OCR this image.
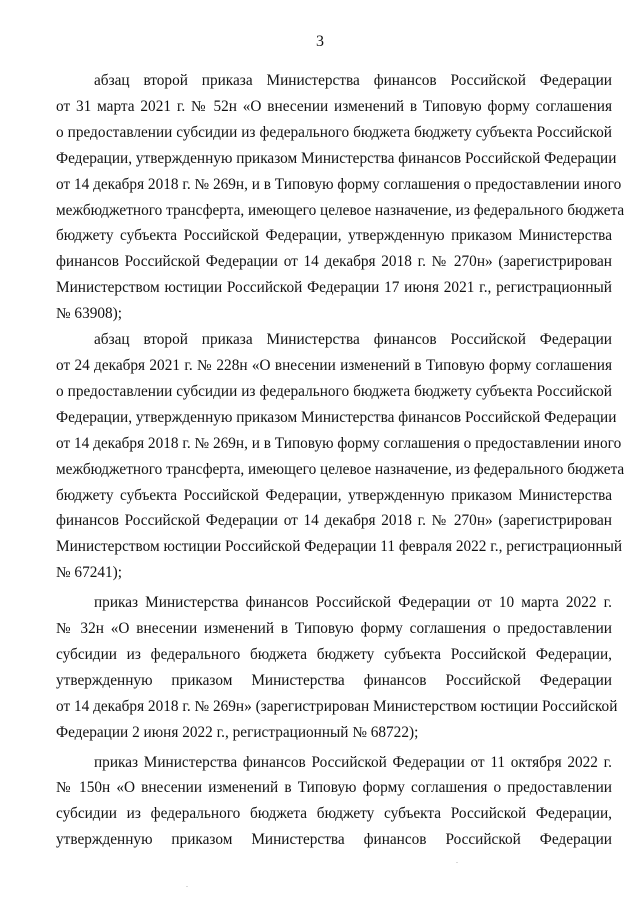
3
абзац второй приказа Министерства финансов Российской Федерации
от 31 марта 2021 г. № 52н «О внесении изменений в Типовую форму соглашения
о предоставлении субсидии из федерального бюджета бюджету субъекта Российской
Федерации, утвержденную приказом Министерства финансов Российской Федерации
от 14 декабря 2018 г. № 269н, и в Типовую форму соглашения о предоставлении иного
межбюджетного трансферта, имеющего целевое назначение, из федерального бюджета
бюджету субъекта Российской Федерации, утвержденную приказом Министерства
финансов Российской Федерации от 14 декабря 2018 г. № 270н» (зарегистрирован
Министерством юстиции Российской Федерации 17 июня 2021 г., регистрационный
№ 63908);
абзац второй приказа Министерства финансов Российской Федерации
от 24 декабря 2021 г. № 228н «О внесении изменений в Типовую форму соглашения
о предоставлении субсидии из федерального бюджета бюджету субъекта Российской
Федерации, утвержденную приказом Министерства финансов Российской Федерации
от 14 декабря 2018 г. № 269н, и в Типовую форму соглашения о предоставлении иного
межбюджетного трансферта, имеющего целевое назначение, из федерального бюджета
бюджету субъекта Российской Федерации, утвержденную приказом Министерства
финансов Российской Федерации от 14 декабря 2018 г. № 270н» (зарегистрирован
Министерством юстиции Российской Федерации 11 февраля 2022 г., регистрационный
№ 67241);
приказ Министерства финансов Российской Федерации от 10 марта 2022 г.
№ 32н «О внесении изменений в Типовую форму соглашения о предоставлении
субсидии из федерального бюджета бюджету субъекта Российской Федерации,
утвержденную приказом Министерства финансов Российской Федерации
от 14 декабря 2018 г. № 269н» (зарегистрирован Министерством юстиции Российской
Федерации 2 июня 2022 г., регистрационный № 68722);
приказ Министерства финансов Российской Федерации от 11 октября 2022 г.
№ 150н «О внесении изменений в Типовую форму соглашения о предоставлении
субсидии из федерального бюджета бюджету субъекта Российской Федерации,
утвержденную приказом Министерства финансов Российской Федерации
